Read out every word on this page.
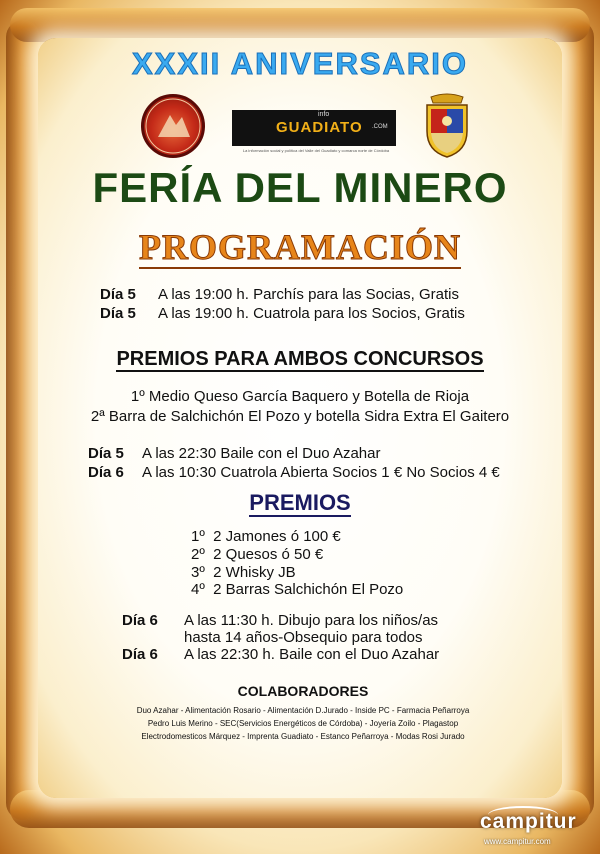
XXXII ANIVERSARIO
info
GUADIATO .COM
La información social y política del Valle del Guadiato y comarca norte de Córdoba
FERÍA DEL MINERO
PROGRAMACIÓN
Día 5 A las 19:00 h. Parchís para las Socias, Gratis
Día 5 A las 19:00 h. Cuatrola para los Socios, Gratis
PREMIOS PARA AMBOS CONCURSOS
1º Medio Queso García Baquero y Botella de Rioja
2ª Barra de Salchichón El Pozo y botella Sidra Extra El Gaitero
Día 5 A las 22:30 Baile con el Duo Azahar
Día 6 A las 10:30 Cuatrola Abierta Socios 1 € No Socios 4 €
PREMIOS
1º  2 Jamones ó 100 €
2º  2 Quesos ó 50 €
3º  2 Whisky JB
4º  2 Barras Salchichón El Pozo
Día 6 A las 11:30 h. Dibujo para los niños/as
hasta 14 años-Obsequio para todos
Día 6 A las 22:30 h. Baile con el Duo Azahar
COLABORADORES
Duo Azahar - Alimentación Rosario - Alimentación D.Jurado - Inside PC - Farmacia Peñarroya
Pedro Luis Merino - SEC(Servicios Energéticos de Córdoba) - Joyería Zoilo - Plagastop
Electrodomesticos Márquez - Imprenta Guadiato - Estanco Peñarroya - Modas Rosi Jurado
campitur
www.campitur.com
